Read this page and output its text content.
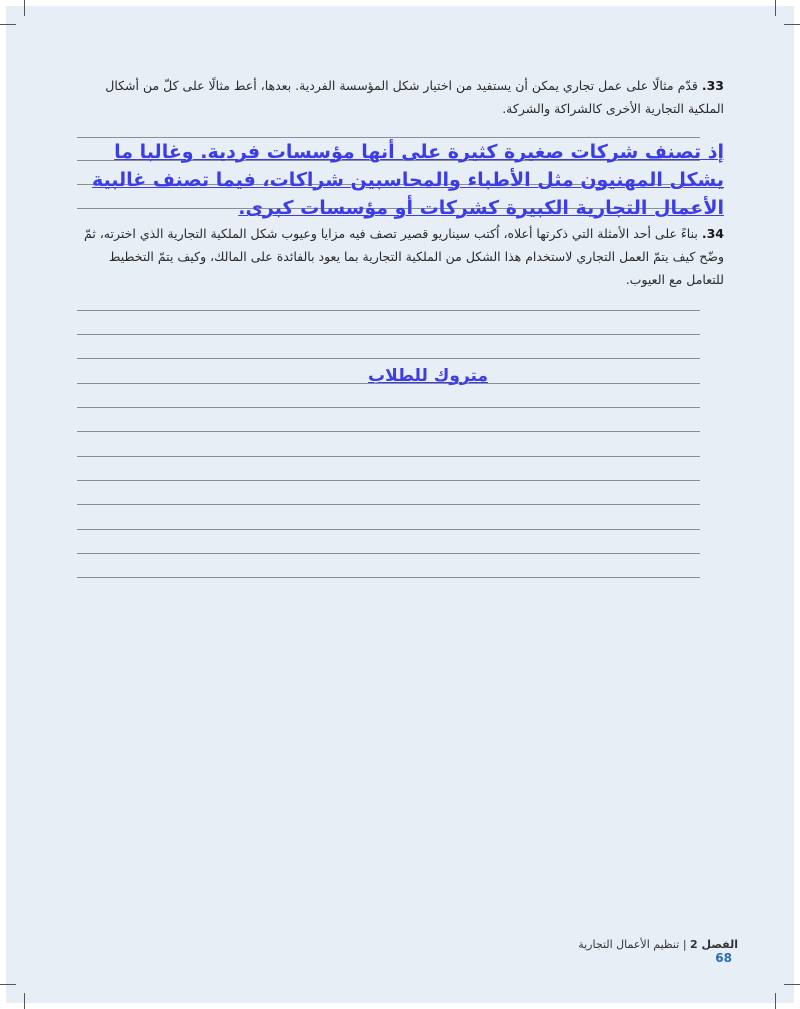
33. قدّم مثالًا على عمل تجاري يمكن أن يستفيد من اختيار شكل المؤسسة الفردية. بعدها، أعط مثالًا على كلّ من أشكال الملكية التجارية الأخرى كالشراكة والشركة.
إذ تصنف شركات صغيرة كثيرة على أنها مؤسسات فردية. وغالبا ما يشكل المهنيون مثل الأطباء والمحاسبين شراكات، فيما تصنف غالبية الأعمال التجارية الكبيرة كشركات أو مؤسسات كبرى.
34. بناءً على أحد الأمثلة التي ذكرتها أعلاه، اُكتب سيناريو قصير تصف فيه مزايا وعيوب شكل الملكية التجارية الذي اخترته، ثمّ وضّح كيف يتمّ العمل التجاري لاستخدام هذا الشكل من الملكية التجارية بما يعود بالفائدة على المالك، وكيف يتمّ التخطيط للتعامل مع العيوب.
متروك للطلاب
الفصل 2 | تنظيم الأعمال التجارية 68
